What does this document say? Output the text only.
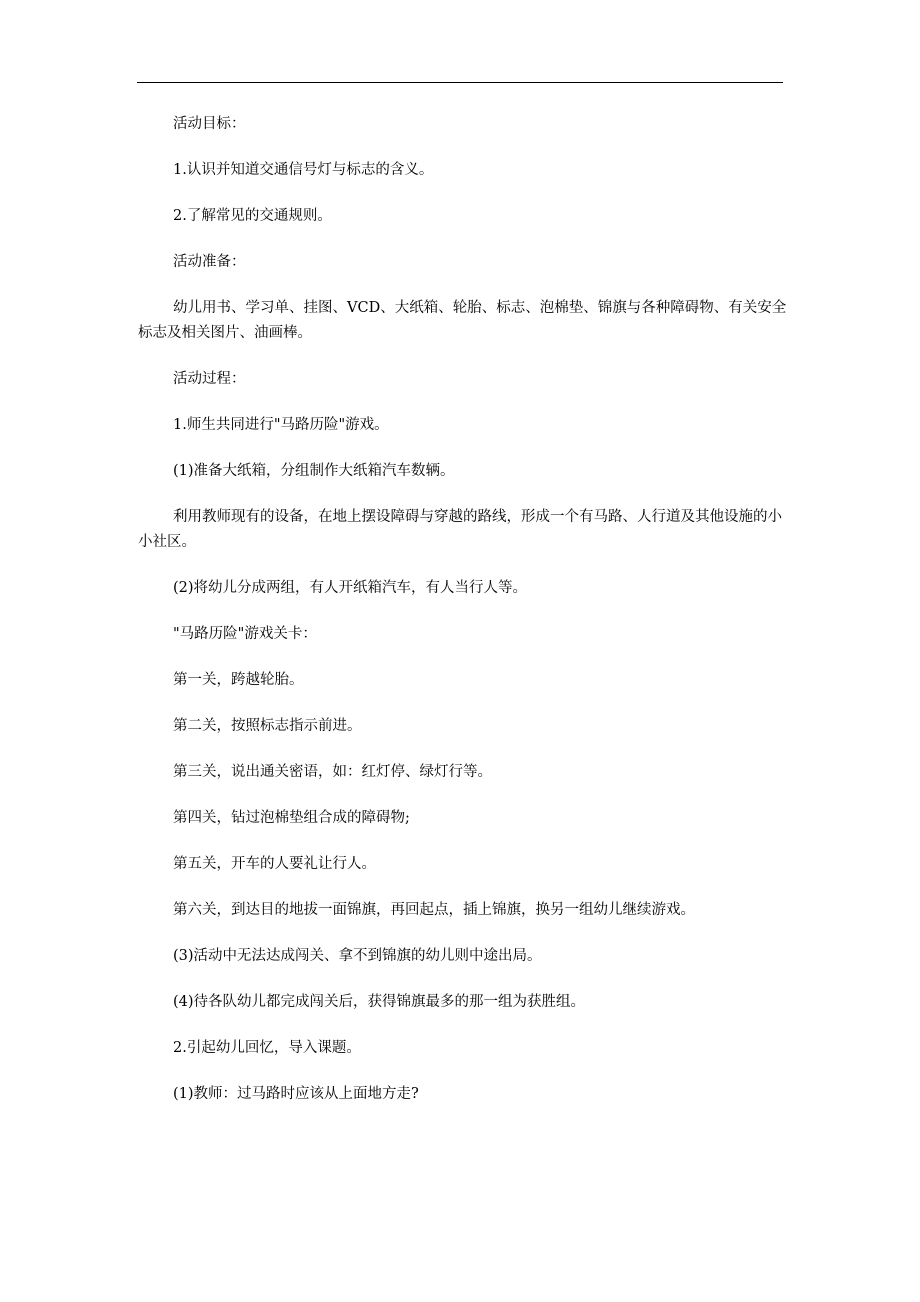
活动目标：

1.认识并知道交通信号灯与标志的含义。

2.了解常见的交通规则。

活动准备：

幼儿用书、学习单、挂图、VCD、大纸箱、轮胎、标志、泡棉垫、锦旗与各种障碍物、有关安全标志及相关图片、油画棒。

活动过程：

1.师生共同进行"马路历险"游戏。

(1)准备大纸箱，分组制作大纸箱汽车数辆。

利用教师现有的设备，在地上摆设障碍与穿越的路线，形成一个有马路、人行道及其他设施的小小社区。

(2)将幼儿分成两组，有人开纸箱汽车，有人当行人等。

"马路历险"游戏关卡：

第一关，跨越轮胎。

第二关，按照标志指示前进。

第三关，说出通关密语，如：红灯停、绿灯行等。

第四关，钻过泡棉垫组合成的障碍物;

第五关，开车的人要礼让行人。

第六关，到达目的地拔一面锦旗，再回起点，插上锦旗，换另一组幼儿继续游戏。

(3)活动中无法达成闯关、拿不到锦旗的幼儿则中途出局。

(4)待各队幼儿都完成闯关后，获得锦旗最多的那一组为获胜组。

2.引起幼儿回忆，导入课题。

(1)教师：过马路时应该从上面地方走?
